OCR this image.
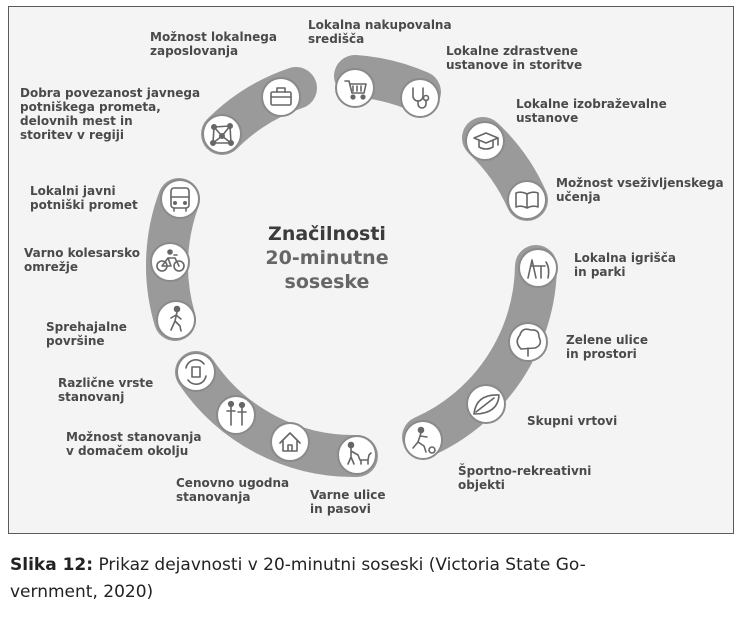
Značilnosti
20-minutne soseske
Možnost lokalnega
zaposlovanja
Lokalna nakupovalna
središča
Lokalne zdrastvene
ustanove in storitve
Lokalne izobraževalne
ustanove
Možnost vseživljenskega
učenja
Lokalna igrišča
in parki
Zelene ulice
in prostori
Skupni vrtovi
Športno-rekreativni
objekti
Varne ulice
in pasovi
Cenovno ugodna
stanovanja
Možnost stanovanja
v domačem okolju
Različne vrste
stanovanj
Sprehajalne
površine
Varno kolesarsko
omrežje
Lokalni javni
potniški promet
Dobra povezanost javnega
potniškega prometa,
delovnih mest in
storitev v regiji
Slika 12: Prikaz dejavnosti v 20-minutni soseski (Victoria State Go-
vernment, 2020)
